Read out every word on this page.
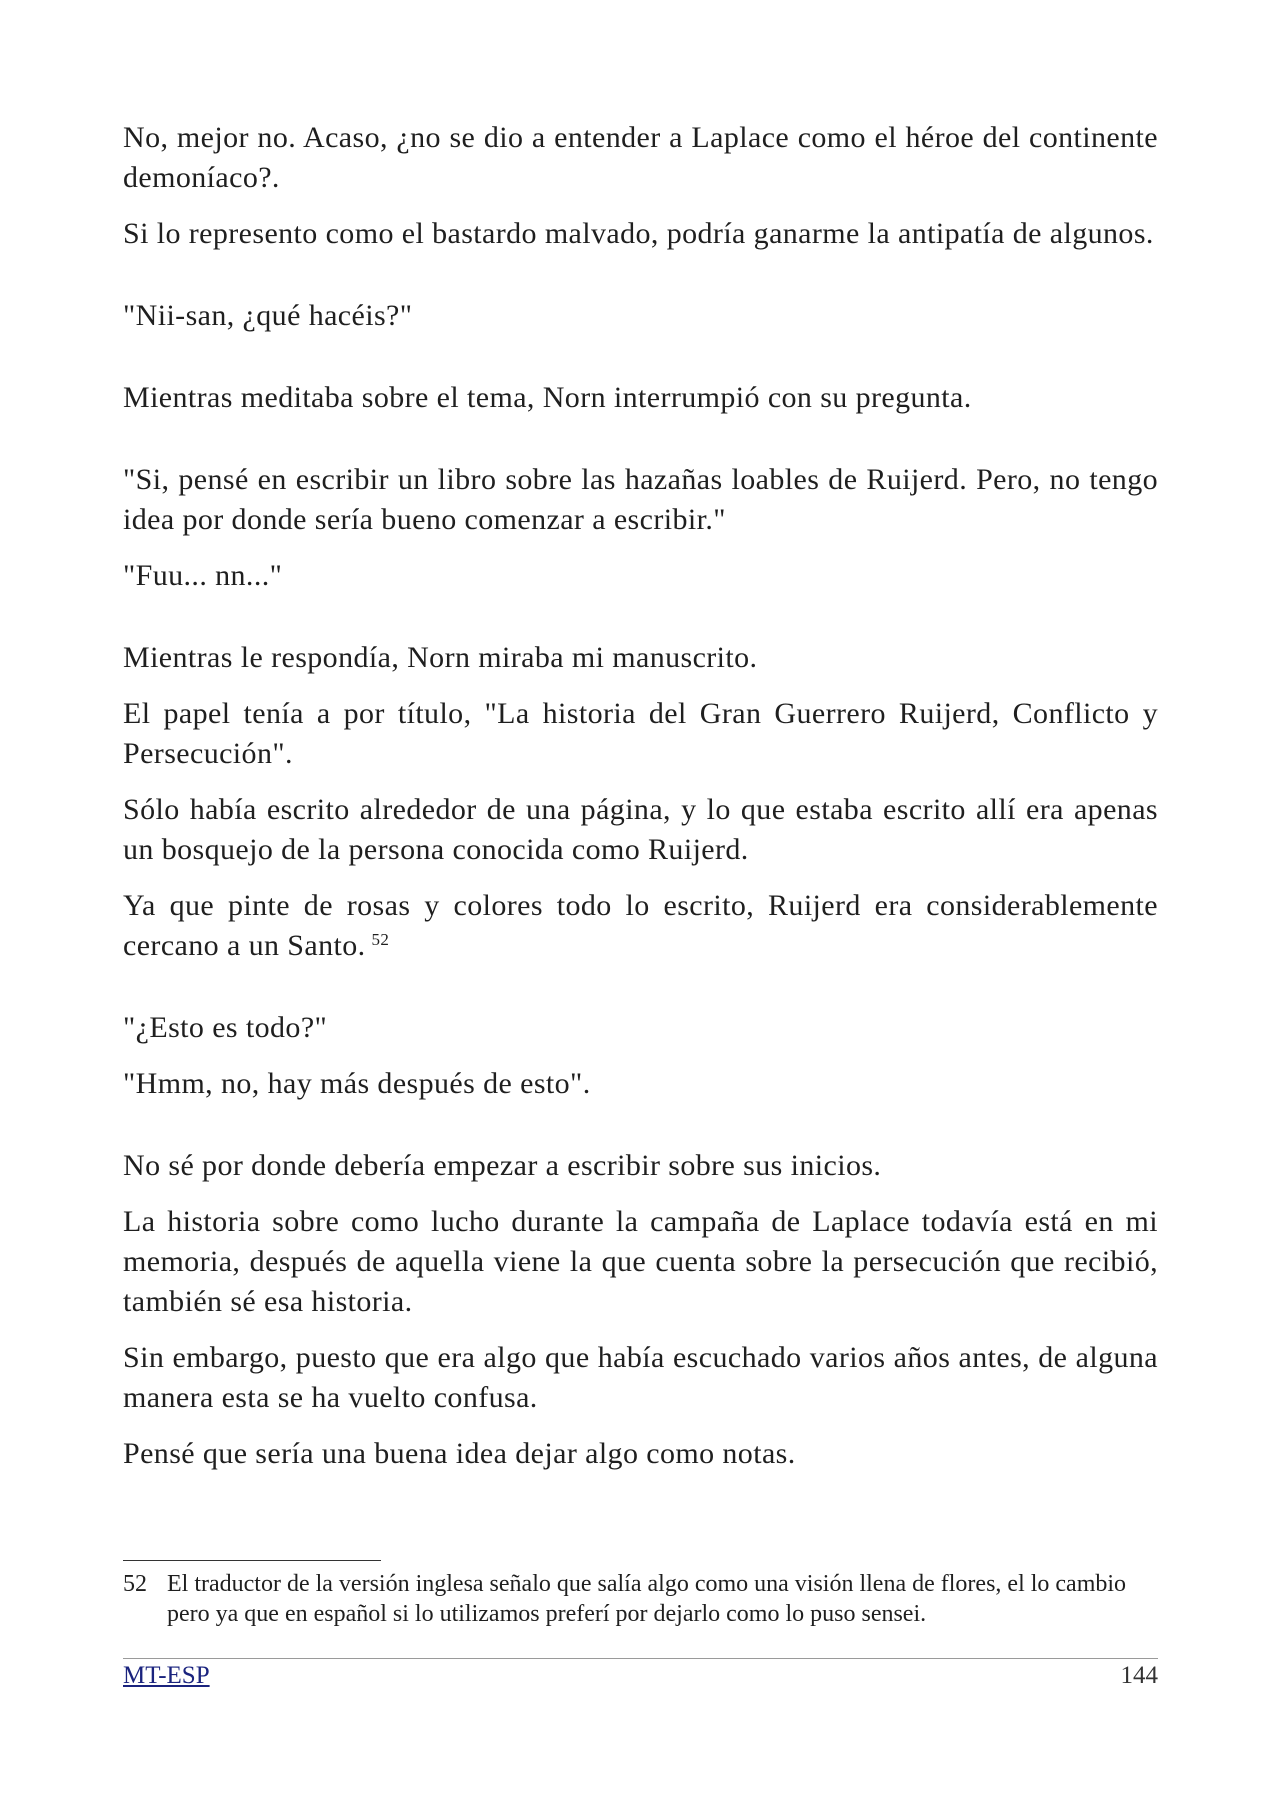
No, mejor no. Acaso, ¿no se dio a entender a Laplace como el héroe del continente demoníaco?.

Si lo represento como el bastardo malvado, podría ganarme la antipatía de algunos.

"Nii-san, ¿qué hacéis?"

Mientras meditaba sobre el tema, Norn interrumpió con su pregunta.

"Si, pensé en escribir un libro sobre las hazañas loables de Ruijerd. Pero, no tengo idea por donde sería bueno comenzar a escribir."

"Fuu... nn..."

Mientras le respondía, Norn miraba mi manuscrito.

El papel tenía a por título, "La historia del Gran Guerrero Ruijerd, Conflicto y Persecución".

Sólo había escrito alrededor de una página, y lo que estaba escrito allí era apenas un bosquejo de la persona conocida como Ruijerd.

Ya que pinte de rosas y colores todo lo escrito, Ruijerd era considerablemente cercano a un Santo. $^{52}$

"¿Esto es todo?"

"Hmm, no, hay más después de esto".

No sé por donde debería empezar a escribir sobre sus inicios.

La historia sobre como lucho durante la campaña de Laplace todavía está en mi memoria, después de aquella viene la que cuenta sobre la persecución que recibió, también sé esa historia.

Sin embargo, puesto que era algo que había escuchado varios años antes, de alguna manera esta se ha vuelto confusa.

Pensé que sería una buena idea dejar algo como notas.

52 El traductor de la versión inglesa señalo que salía algo como una visión llena de flores, el lo cambio pero ya que en español si lo utilizamos preferí por dejarlo como lo puso sensei.
MT-ESP	144
